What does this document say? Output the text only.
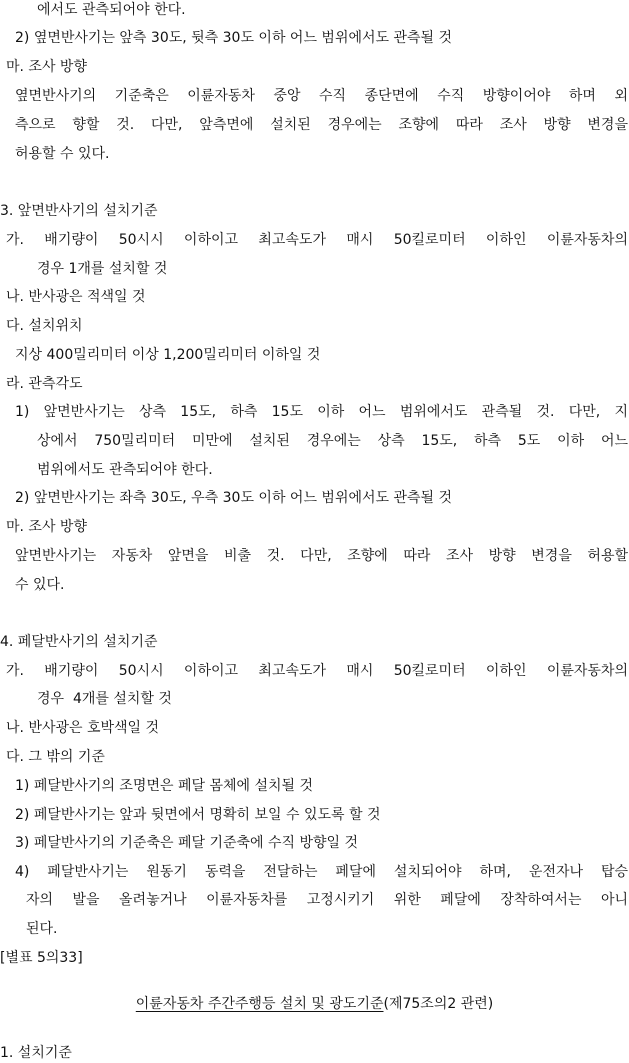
에서도 관측되어야 한다.
2) 옆면반사기는 앞측 30도, 뒷측 30도 이하 어느 범위에서도 관측될 것
마. 조사 방향
옆면반사기의 기준축은 이륜자동차 중앙 수직 종단면에 수직 방향이어야 하며 외
측으로 향할 것. 다만, 앞측면에 설치된 경우에는 조향에 따라 조사 방향 변경을
허용할 수 있다.
3. 앞면반사기의 설치기준
가. 배기량이 50시시 이하이고 최고속도가 매시 50킬로미터 이하인 이륜자동차의
경우 1개를 설치할 것
나. 반사광은 적색일 것
다. 설치위치
지상 400밀리미터 이상 1,200밀리미터 이하일 것
라. 관측각도
1) 앞면반사기는 상측 15도, 하측 15도 이하 어느 범위에서도 관측될 것. 다만, 지
상에서 750밀리미터 미만에 설치된 경우에는 상측 15도, 하측 5도 이하 어느
범위에서도 관측되어야 한다.
2) 앞면반사기는 좌측 30도, 우측 30도 이하 어느 범위에서도 관측될 것
마. 조사 방향
앞면반사기는 자동차 앞면을 비출 것. 다만, 조향에 따라 조사 방향 변경을 허용할
수 있다.
4. 페달반사기의 설치기준
가. 배기량이 50시시 이하이고 최고속도가 매시 50킬로미터 이하인 이륜자동차의
경우  4개를 설치할 것
나. 반사광은 호박색일 것
다. 그 밖의 기준
1) 페달반사기의 조명면은 페달 몸체에 설치될 것
2) 페달반사기는 앞과 뒷면에서 명확히 보일 수 있도록 할 것
3) 페달반사기의 기준축은 페달 기준축에 수직 방향일 것
4) 페달반사기는 원동기 동력을 전달하는 페달에 설치되어야 하며, 운전자나 탑승
자의 발을 올려놓거나 이륜자동차를 고정시키기 위한 페달에 장착하여서는 아니
된다.
[별표 5의33]
이륜자동차 주간주행등 설치 및 광도기준(제75조의2 관련)
1. 설치기준
